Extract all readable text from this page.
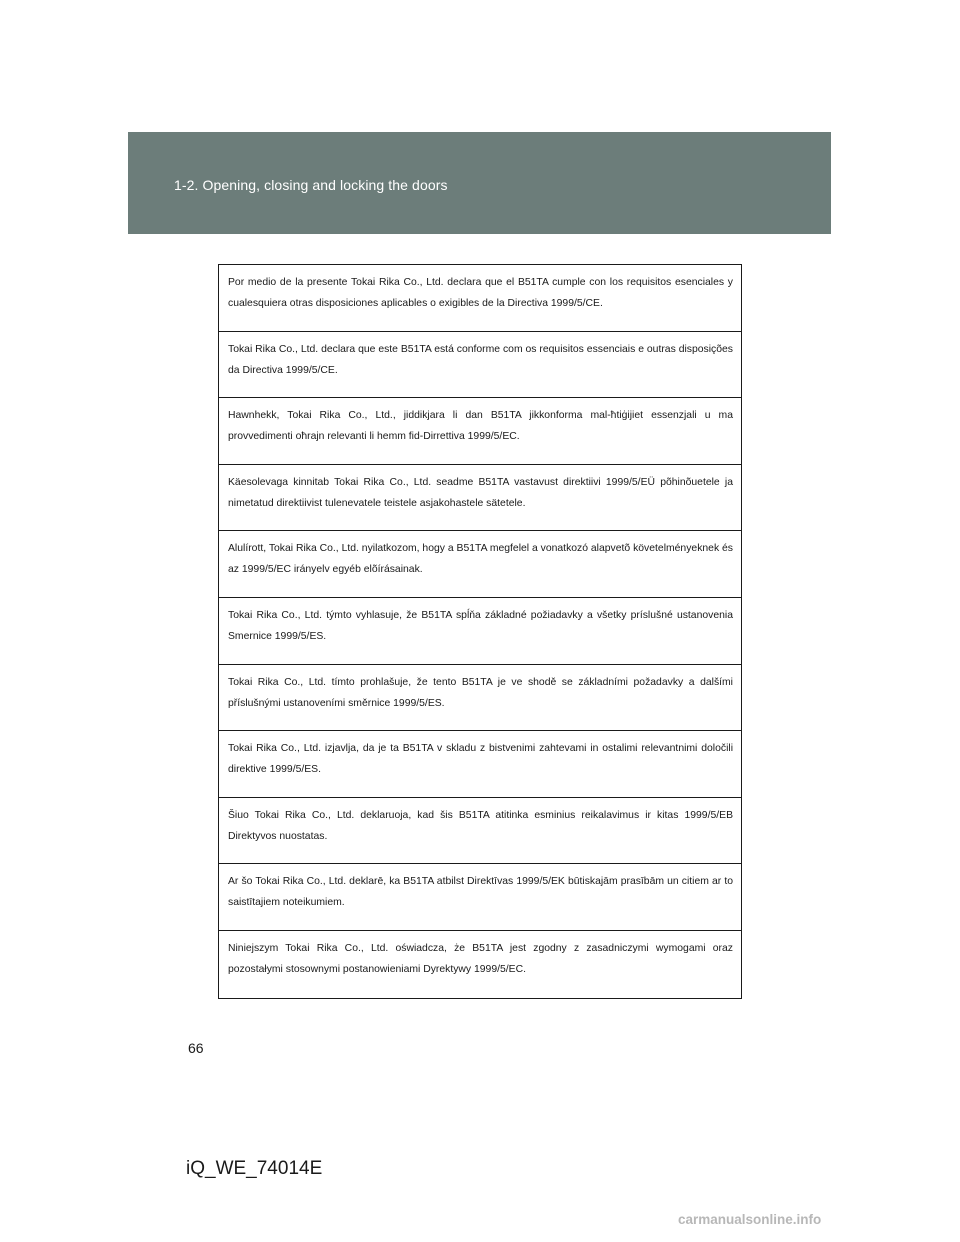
1-2. Opening, closing and locking the doors
Por medio de la presente Tokai Rika Co., Ltd. declara que el B51TA cumple con los requisitos esenciales y cualesquiera otras disposiciones aplicables o exigibles de la Directiva 1999/5/CE.
Tokai Rika Co., Ltd. declara que este B51TA está conforme com os requisitos essenciais e outras disposições da Directiva 1999/5/CE.
Hawnhekk, Tokai Rika Co., Ltd., jiddikjara li dan B51TA jikkonforma mal-ħtiġijiet essenzjali u ma provvedimenti oħrajn relevanti li hemm fid-Dirrettiva 1999/5/EC.
Käesolevaga kinnitab Tokai Rika Co., Ltd. seadme B51TA vastavust direktiivi 1999/5/EÜ põhinõuetele ja nimetatud direktiivist tulenevatele teistele asjakohastele sätetele.
Alulírott, Tokai Rika Co., Ltd. nyilatkozom, hogy a B51TA megfelel a vonatkozó alapvetõ követelményeknek és az 1999/5/EC irányelv egyéb elõírásainak.
Tokai Rika Co., Ltd. týmto vyhlasuje, že B51TA spĺňa základné požiadavky a všetky príslušné ustanovenia Smernice 1999/5/ES.
Tokai Rika Co., Ltd. tímto prohlašuje, že tento B51TA je ve shodě se základními požadavky a dalšími příslušnými ustanoveními směrnice 1999/5/ES.
Tokai Rika Co., Ltd. izjavlja, da je ta B51TA v skladu z bistvenimi zahtevami in ostalimi relevantnimi določili direktive 1999/5/ES.
Šiuo Tokai Rika Co., Ltd. deklaruoja, kad šis B51TA atitinka esminius reikalavimus ir kitas 1999/5/EB Direktyvos nuostatas.
Ar šo Tokai Rika Co., Ltd. deklarē, ka B51TA atbilst Direktīvas 1999/5/EK būtiskajām prasībām un citiem ar to saistītajiem noteikumiem.
Niniejszym Tokai Rika Co., Ltd. oświadcza, że B51TA jest zgodny z zasadniczymi wymogami oraz pozostałymi stosownymi postanowieniami Dyrektywy 1999/5/EC.
66
iQ_WE_74014E
carmanualsonline.info
